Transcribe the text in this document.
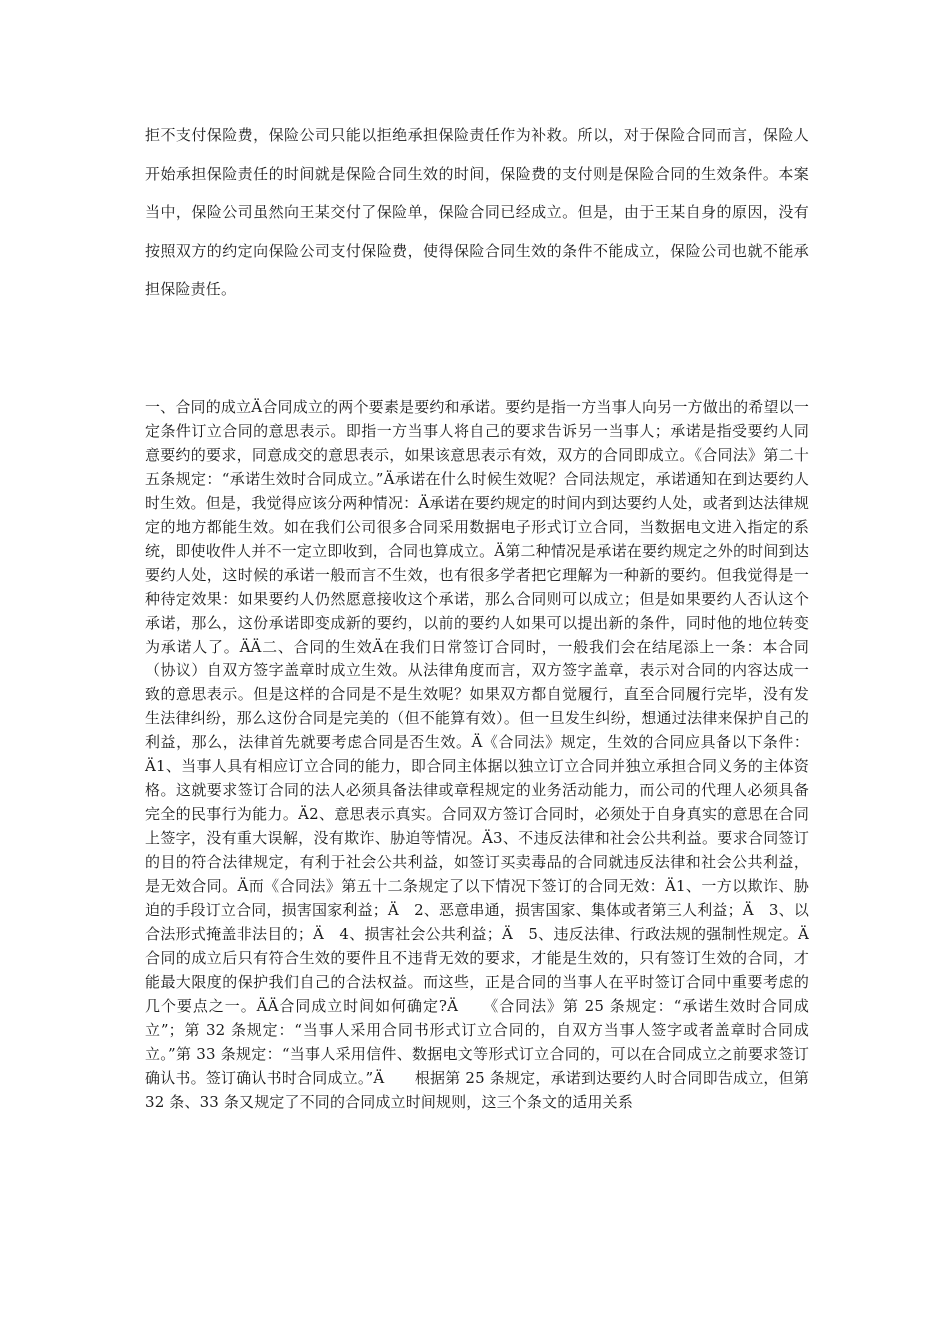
拒不支付保险费，保险公司只能以拒绝承担保险责任作为补救。所以，对于保险合同而言，保险人开始承担保险责任的时间就是保险合同生效的时间，保险费的支付则是保险合同的生效条件。本案当中，保险公司虽然向王某交付了保险单，保险合同已经成立。但是，由于王某自身的原因，没有按照双方的约定向保险公司支付保险费，使得保险合同生效的条件不能成立，保险公司也就不能承担保险责任。

一、合同的成立Ä合同成立的两个要素是要约和承诺。要约是指一方当事人向另一方做出的希望以一定条件订立合同的意思表示。即指一方当事人将自己的要求告诉另一当事人；承诺是指受要约人同意要约的要求，同意成交的意思表示，如果该意思表示有效，双方的合同即成立。《合同法》第二十五条规定：“承诺生效时合同成立。”Ä承诺在什么时候生效呢？合同法规定，承诺通知在到达要约人时生效。但是，我觉得应该分两种情况：Ä承诺在要约规定的时间内到达要约人处，或者到达法律规定的地方都能生效。如在我们公司很多合同采用数据电子形式订立合同，当数据电文进入指定的系统，即使收件人并不一定立即收到，合同也算成立。Ä第二种情况是承诺在要约规定之外的时间到达要约人处，这时候的承诺一般而言不生效，也有很多学者把它理解为一种新的要约。但我觉得是一种待定效果：如果要约人仍然愿意接收这个承诺，那么合同则可以成立；但是如果要约人否认这个承诺，那么，这份承诺即变成新的要约，以前的要约人如果可以提出新的条件，同时他的地位转变为承诺人了。ÄÄ二、合同的生效Ä在我们日常签订合同时，一般我们会在结尾添上一条：本合同（协议）自双方签字盖章时成立生效。从法律角度而言，双方签字盖章，表示对合同的内容达成一致的意思表示。但是这样的合同是不是生效呢？如果双方都自觉履行，直至合同履行完毕，没有发生法律纠纷，那么这份合同是完美的（但不能算有效）。但一旦发生纠纷，想通过法律来保护自己的利益，那么，法律首先就要考虑合同是否生效。Ä《合同法》规定，生效的合同应具备以下条件：Ä1、当事人具有相应订立合同的能力，即合同主体据以独立订立合同并独立承担合同义务的主体资格。这就要求签订合同的法人必须具备法律或章程规定的业务活动能力，而公司的代理人必须具备完全的民事行为能力。Ä2、意思表示真实。合同双方签订合同时，必须处于自身真实的意思在合同上签字，没有重大误解，没有欺诈、胁迫等情况。Ä3、不违反法律和社会公共利益。要求合同签订的目的符合法律规定，有利于社会公共利益，如签订买卖毒品的合同就违反法律和社会公共利益，是无效合同。Ä而《合同法》第五十二条规定了以下情况下签订的合同无效：Ä1、一方以欺诈、胁迫的手段订立合同，损害国家利益；Ä　2、恶意串通，损害国家、集体或者第三人利益；Ä　3、以合法形式掩盖非法目的；Ä　4、损害社会公共利益；Ä　5、违反法律、行政法规的强制性规定。Ä合同的成立后只有符合生效的要件且不违背无效的要求，才能是生效的，只有签订生效的合同，才能最大限度的保护我们自己的合法权益。而这些，正是合同的当事人在平时签订合同中重要考虑的几个要点之一。ÄÄ合同成立时间如何确定?Ä　　《合同法》第 25 条规定：“承诺生效时合同成立”；第 32 条规定：“当事人采用合同书形式订立合同的，自双方当事人签字或者盖章时合同成立。”第 33 条规定：“当事人采用信件、数据电文等形式订立合同的，可以在合同成立之前要求签订确认书。签订确认书时合同成立。”Ä　　根据第 25 条规定，承诺到达要约人时合同即告成立，但第 32 条、33 条又规定了不同的合同成立时间规则，这三个条文的适用关系
